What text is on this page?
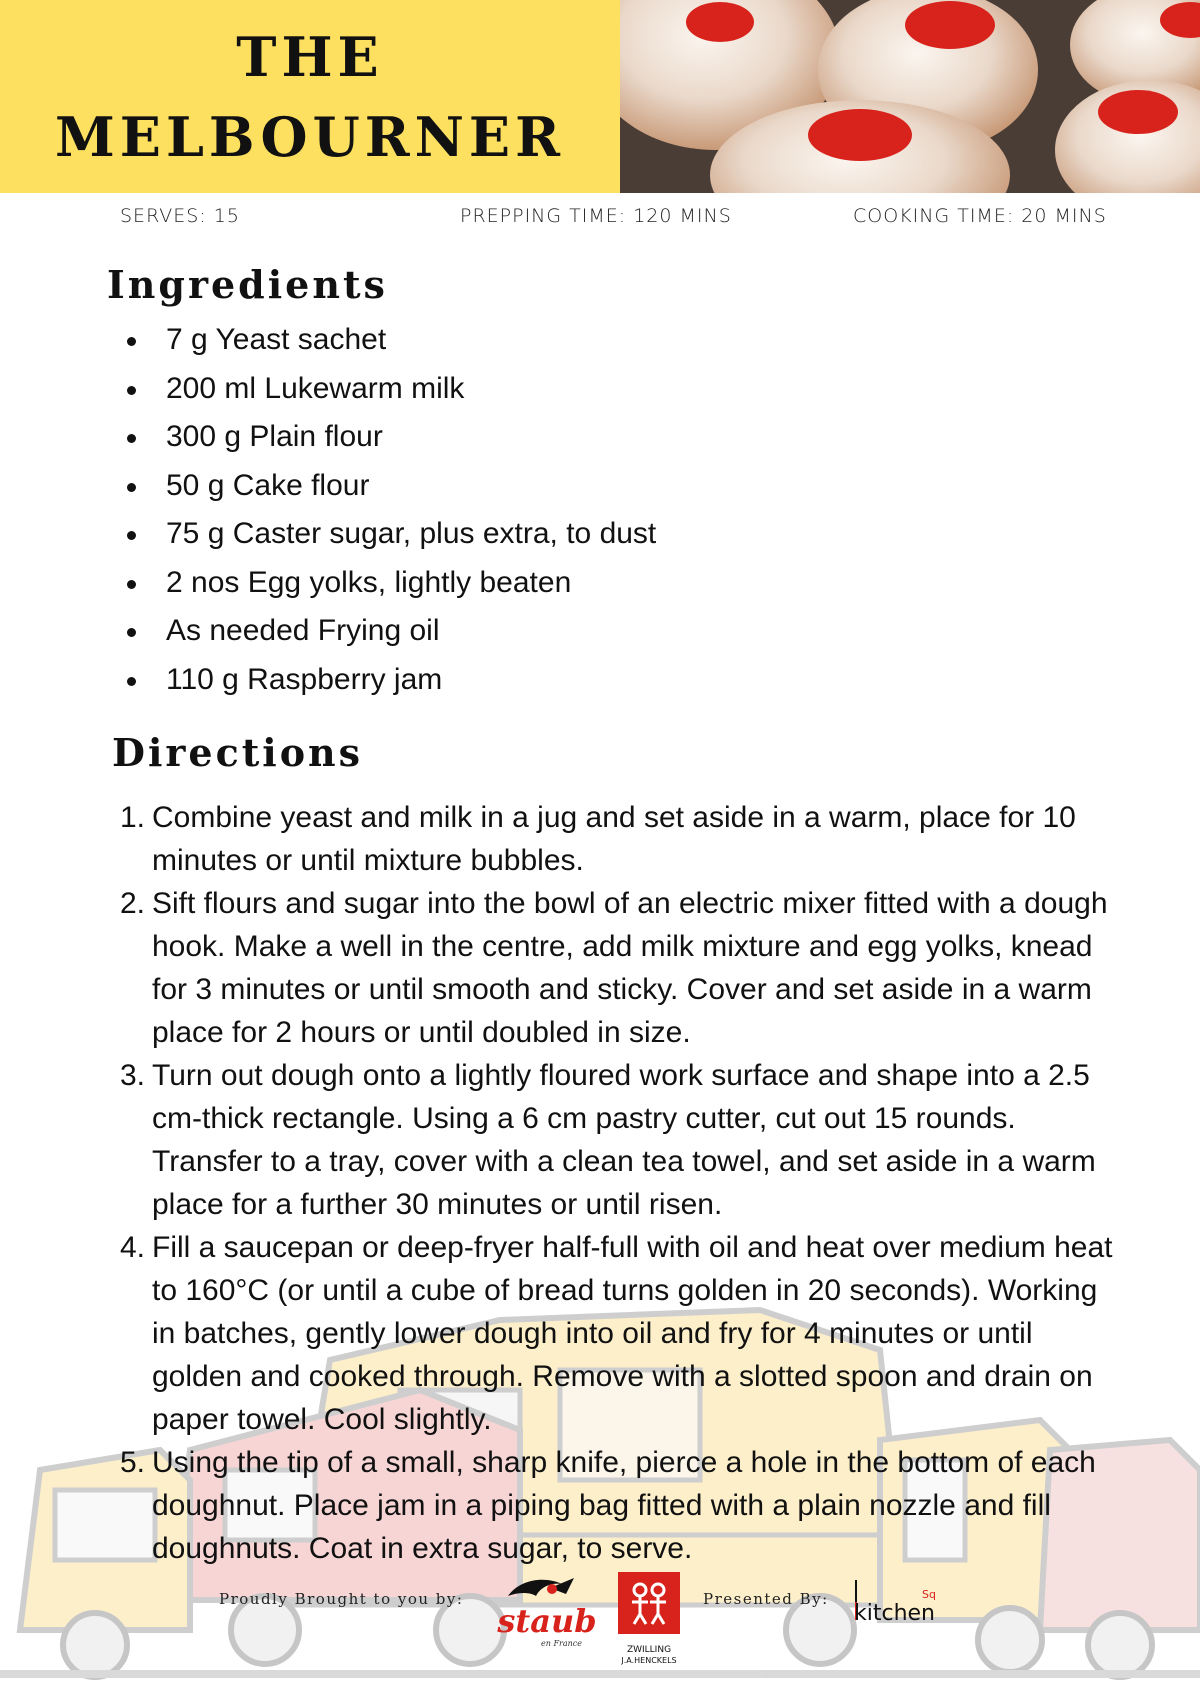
THE
MELBOURNER
SERVES: 15	PREPPING TIME: 120 MINS	COOKING TIME: 20 MINS
Ingredients
7 g Yeast sachet
200 ml Lukewarm milk
300 g Plain flour
50 g Cake flour
75 g Caster sugar, plus extra, to dust
2 nos Egg yolks, lightly beaten
As needed Frying oil
110 g Raspberry jam
Directions
1. Combine yeast and milk in a jug and set aside in a warm, place for 10 minutes or until mixture bubbles.
2. Sift flours and sugar into the bowl of an electric mixer fitted with a dough hook. Make a well in the centre, add milk mixture and egg yolks, knead for 3 minutes or until smooth and sticky. Cover and set aside in a warm place for 2 hours or until doubled in size.
3. Turn out dough onto a lightly floured work surface and shape into a 2.5 cm-thick rectangle. Using a 6 cm pastry cutter, cut out 15 rounds. Transfer to a tray, cover with a clean tea towel, and set aside in a warm place for a further 30 minutes or until risen.
4. Fill a saucepan or deep-fryer half-full with oil and heat over medium heat to 160°C (or until a cube of bread turns golden in 20 seconds). Working in batches, gently lower dough into oil and fry for 4 minutes or until golden and cooked through. Remove with a slotted spoon and drain on paper towel. Cool slightly.
5. Using the tip of a small, sharp knife, pierce a hole in the bottom of each doughnut. Place jam in a piping bag fitted with a plain nozzle and fill doughnuts. Coat in extra sugar, to serve.
Proudly Brought to you by:
staub
en France
ZWILLING
J.A.HENCKELS
Presented By:
kitchen
Sq
